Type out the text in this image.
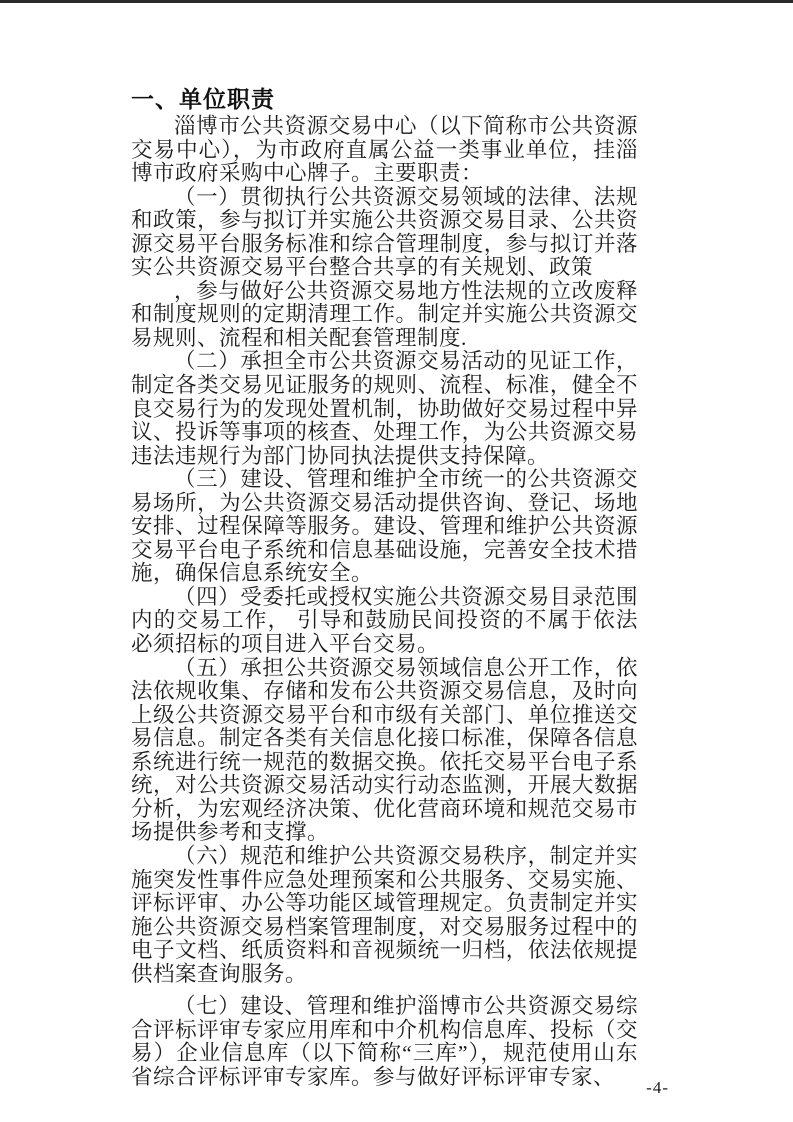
一、单位职责

淄博市公共资源交易中心（以下简称市公共资源交易中心），为市政府直属公益一类事业单位，挂淄博市政府采购中心牌子。主要职责：

（一）贯彻执行公共资源交易领域的法律、法规和政策，参与拟订并实施公共资源交易目录、公共资源交易平台服务标准和综合管理制度，参与拟订并落实公共资源交易平台整合共享的有关规划、政策

，参与做好公共资源交易地方性法规的立改废释和制度规则的定期清理工作。制定并实施公共资源交易规则、流程和相关配套管理制度.

（二）承担全市公共资源交易活动的见证工作，制定各类交易见证服务的规则、流程、标准，健全不良交易行为的发现处置机制，协助做好交易过程中异议、投诉等事项的核查、处理工作，为公共资源交易违法违规行为部门协同执法提供支持保障。

（三）建设、管理和维护全市统一的公共资源交易场所，为公共资源交易活动提供咨询、登记、场地安排、过程保障等服务。建设、管理和维护公共资源交易平台电子系统和信息基础设施，完善安全技术措施，确保信息系统安全。

（四）受委托或授权实施公共资源交易目录范围内的交易工作， 引导和鼓励民间投资的不属于依法必须招标的项目进入平台交易。

（五）承担公共资源交易领域信息公开工作，依法依规收集、存储和发布公共资源交易信息，及时向上级公共资源交易平台和市级有关部门、单位推送交易信息。制定各类有关信息化接口标准，保障各信息系统进行统一规范的数据交换。依托交易平台电子系统，对公共资源交易活动实行动态监测，开展大数据分析，为宏观经济决策、优化营商环境和规范交易市场提供参考和支撑。

（六）规范和维护公共资源交易秩序，制定并实施突发性事件应急处理预案和公共服务、交易实施、评标评审、办公等功能区域管理规定。负责制定并实施公共资源交易档案管理制度，对交易服务过程中的电子文档、纸质资料和音视频统一归档，依法依规提供档案查询服务。

（七）建设、管理和维护淄博市公共资源交易综合评标评审专家应用库和中介机构信息库、投标（交易）企业信息库（以下简称“三库”），规范使用山东省综合评标评审专家库。参与做好评标评审专家、	-4-
